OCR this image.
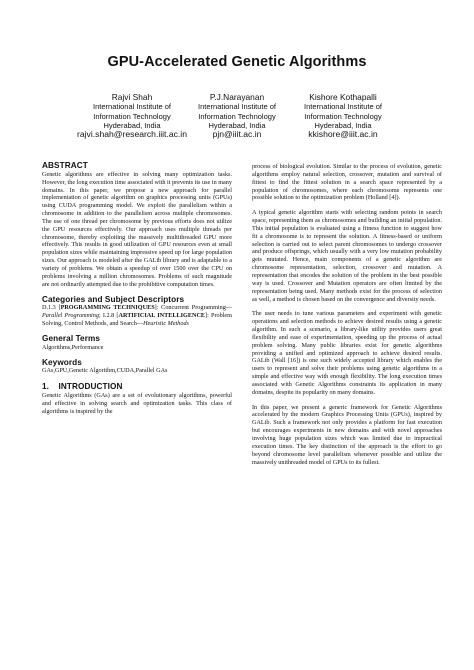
GPU-Accelerated Genetic Algorithms
Rajvi Shah
International Institute of
Information Technology
Hyderabad, India
rajvi.shah@research.iiit.ac.in
P.J.Narayanan
International Institute of
Information Technology
Hyderabad, India
pjn@iiit.ac.in
Kishore Kothapalli
International Institute of
Information Technology
Hyderabad, India
kkishore@iiit.ac.in
ABSTRACT

Genetic algorithms are effective in solving many optimization tasks. However, the long execution time associated with it prevents its use in many domains. In this paper, we propose a new approach for parallel implementation of genetic algorithm on graphics processing units (GPUs) using CUDA programming model. We exploit the parallelism within a chromosome in addition to the parallelism across multiple chromosomes. The use of one thread per chromosome by previous efforts does not utilize the GPU resources effectively. Our approach uses multiple threads per chromosome, thereby exploiting the massively multithreaded GPU more effectively. This results in good utilization of GPU resources even at small population sizes while maintaining impressive speed up for large population sizes. Our approach is modeled after the GALib library and is adaptable to a variety of problems. We obtain a speedup of over 1500 over the CPU on problems involving a million chromosomes. Problems of such magnitude are not ordinarily attempted due to the prohibitive computation times.

Categories and Subject Descriptors

D.1.3 [PROGRAMMING TECHNIQUES]: Concurrent Programming—Parallel Programming; I.2.8 [ARTIFICIAL INTELLIGENCE]: Problem Solving, Control Methods, and Search—Heuristic Methods

General Terms

Algorithms,Performance

Keywords

GAs,GPU,Genetic Algorithm,CUDA,Parallel GAs

1.    INTRODUCTION

Genetic Algorithms (GAs) are a set of evolutionary algorithms, powerful and effective in solving search and optimization tasks. This class of algorithms is inspired by the

process of biological evolution. Similar to the process of evolution, genetic algorithms employ natural selection, crossover, mutation and survival of fittest to find the fittest solution in a search space represented by a population of chromosomes, where each chromosome represents one possible solution to the optimization problem (Holland [4]).

A typical genetic algorithm starts with selecting random points in search space, representing them as chromosomes and building an initial population. This initial population is evaluated using a fitness function to suggest how fit a chromosome is to represent the solution. A fitness-based or uniform selection is carried out to select parent chromosomes to undergo crossover and produce offsprings, which usually with a very low mutation probability gets mutated. Hence, main components of a genetic algorithm are chromosome representation, selection, crossover and mutation. A representation that encodes the solution of the problem in the best possible way is used. Crossover and Mutation operators are often limited by the representation being used. Many methods exist for the process of selection as well, a method is chosen based on the convergence and diversity needs.

The user needs to tune various parameters and experiment with genetic operations and selection methods to achieve desired results using a genetic algorithm. In such a scenario, a library-like utility provides users great flexibility and ease of experimentation, speeding up the process of actual problem solving. Many public libraries exist for genetic algorithms providing a unified and optimized approach to achieve desired results. GALib (Wall [16]) is one such widely accepted library which enables the users to represent and solve their problems using genetic algorithms in a simple and effective way with enough flexibility. The long execution times associated with Genetic Algorithms constraints its application in many domains, despite its popularity on many domains.

In this paper, we present a generic framework for Genetic Algorithms accelerated by the modern Graphics Processing Units (GPUs), inspired by GALib. Such a framework not only provides a platform for fast execution but encourages experiments in new domains and with novel approaches involving huge population sizes which was limited due to impractical execution times. The key distinction of the approach is the effort to go beyond chromosome level parallelism whenever possible and utilize the massively unithreaded model of GPUs to its fullest.
